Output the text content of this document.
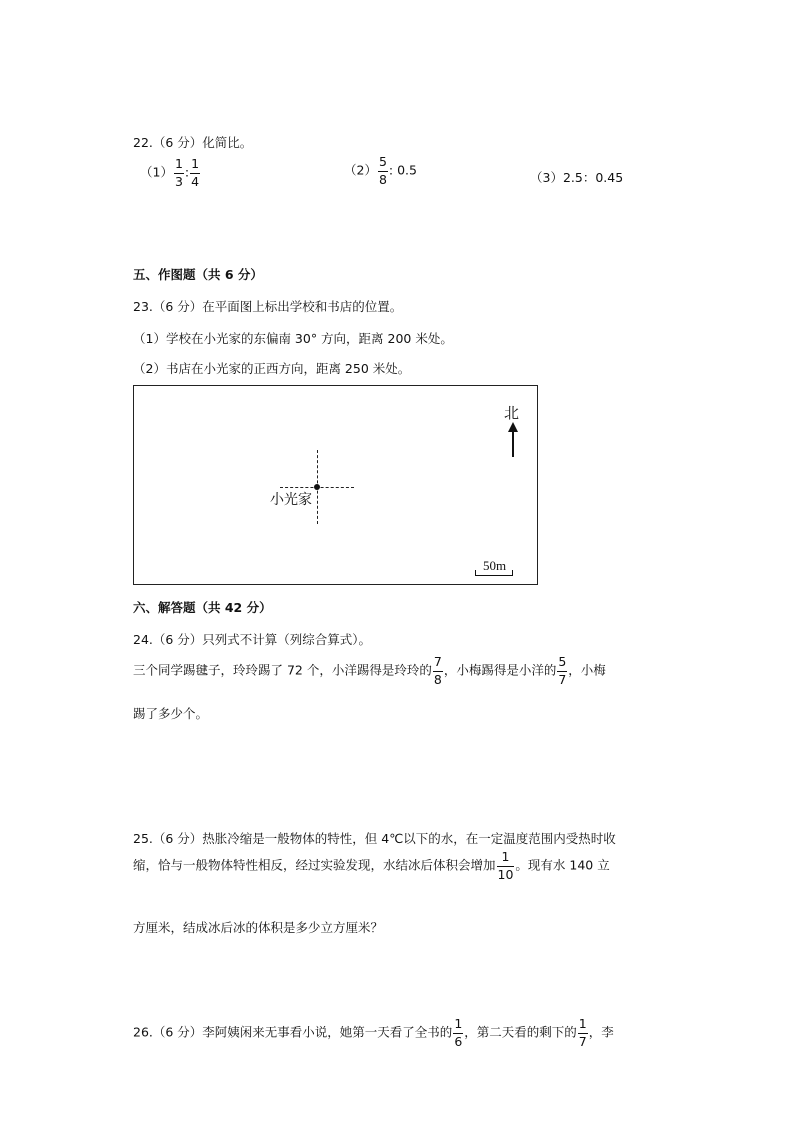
22.（6 分）化简比。
$(1) \frac{1}{3}$ : $\frac{1}{4}$	$(2) \frac{5}{8}$ : 0.5	（3）2.5：0.45
五、作图题（共 6 分）
23.（6 分）在平面图上标出学校和书店的位置。
（1）学校在小光家的东偏南 30° 方向，距离 200 米处。
（2）书店在小光家的正西方向，距离 250 米处。
小光家
北
50m
六、解答题（共 42 分）
24.（6 分）只列式不计算（列综合算式）。
三个同学踢毽子，玲玲踢了 72 个，小洋踢得是玲玲的 $\frac{7}{8}$ ，小梅踢得是小洋的 $\frac{5}{7}$ ，小梅
踢了多少个。
25.（6 分）热胀冷缩是一般物体的特性，但 4℃以下的水，在一定温度范围内受热时收
缩，恰与一般物体特性相反，经过实验发现，水结冰后体积会增加 $\frac{1}{10}$ 。现有水 140 立
方厘米，结成冰后冰的体积是多少立方厘米？
26.（6 分）李阿姨闲来无事看小说，她第一天看了全书的 $\frac{1}{6}$ ，第二天看的剩下的 $\frac{1}{7}$ ，李
